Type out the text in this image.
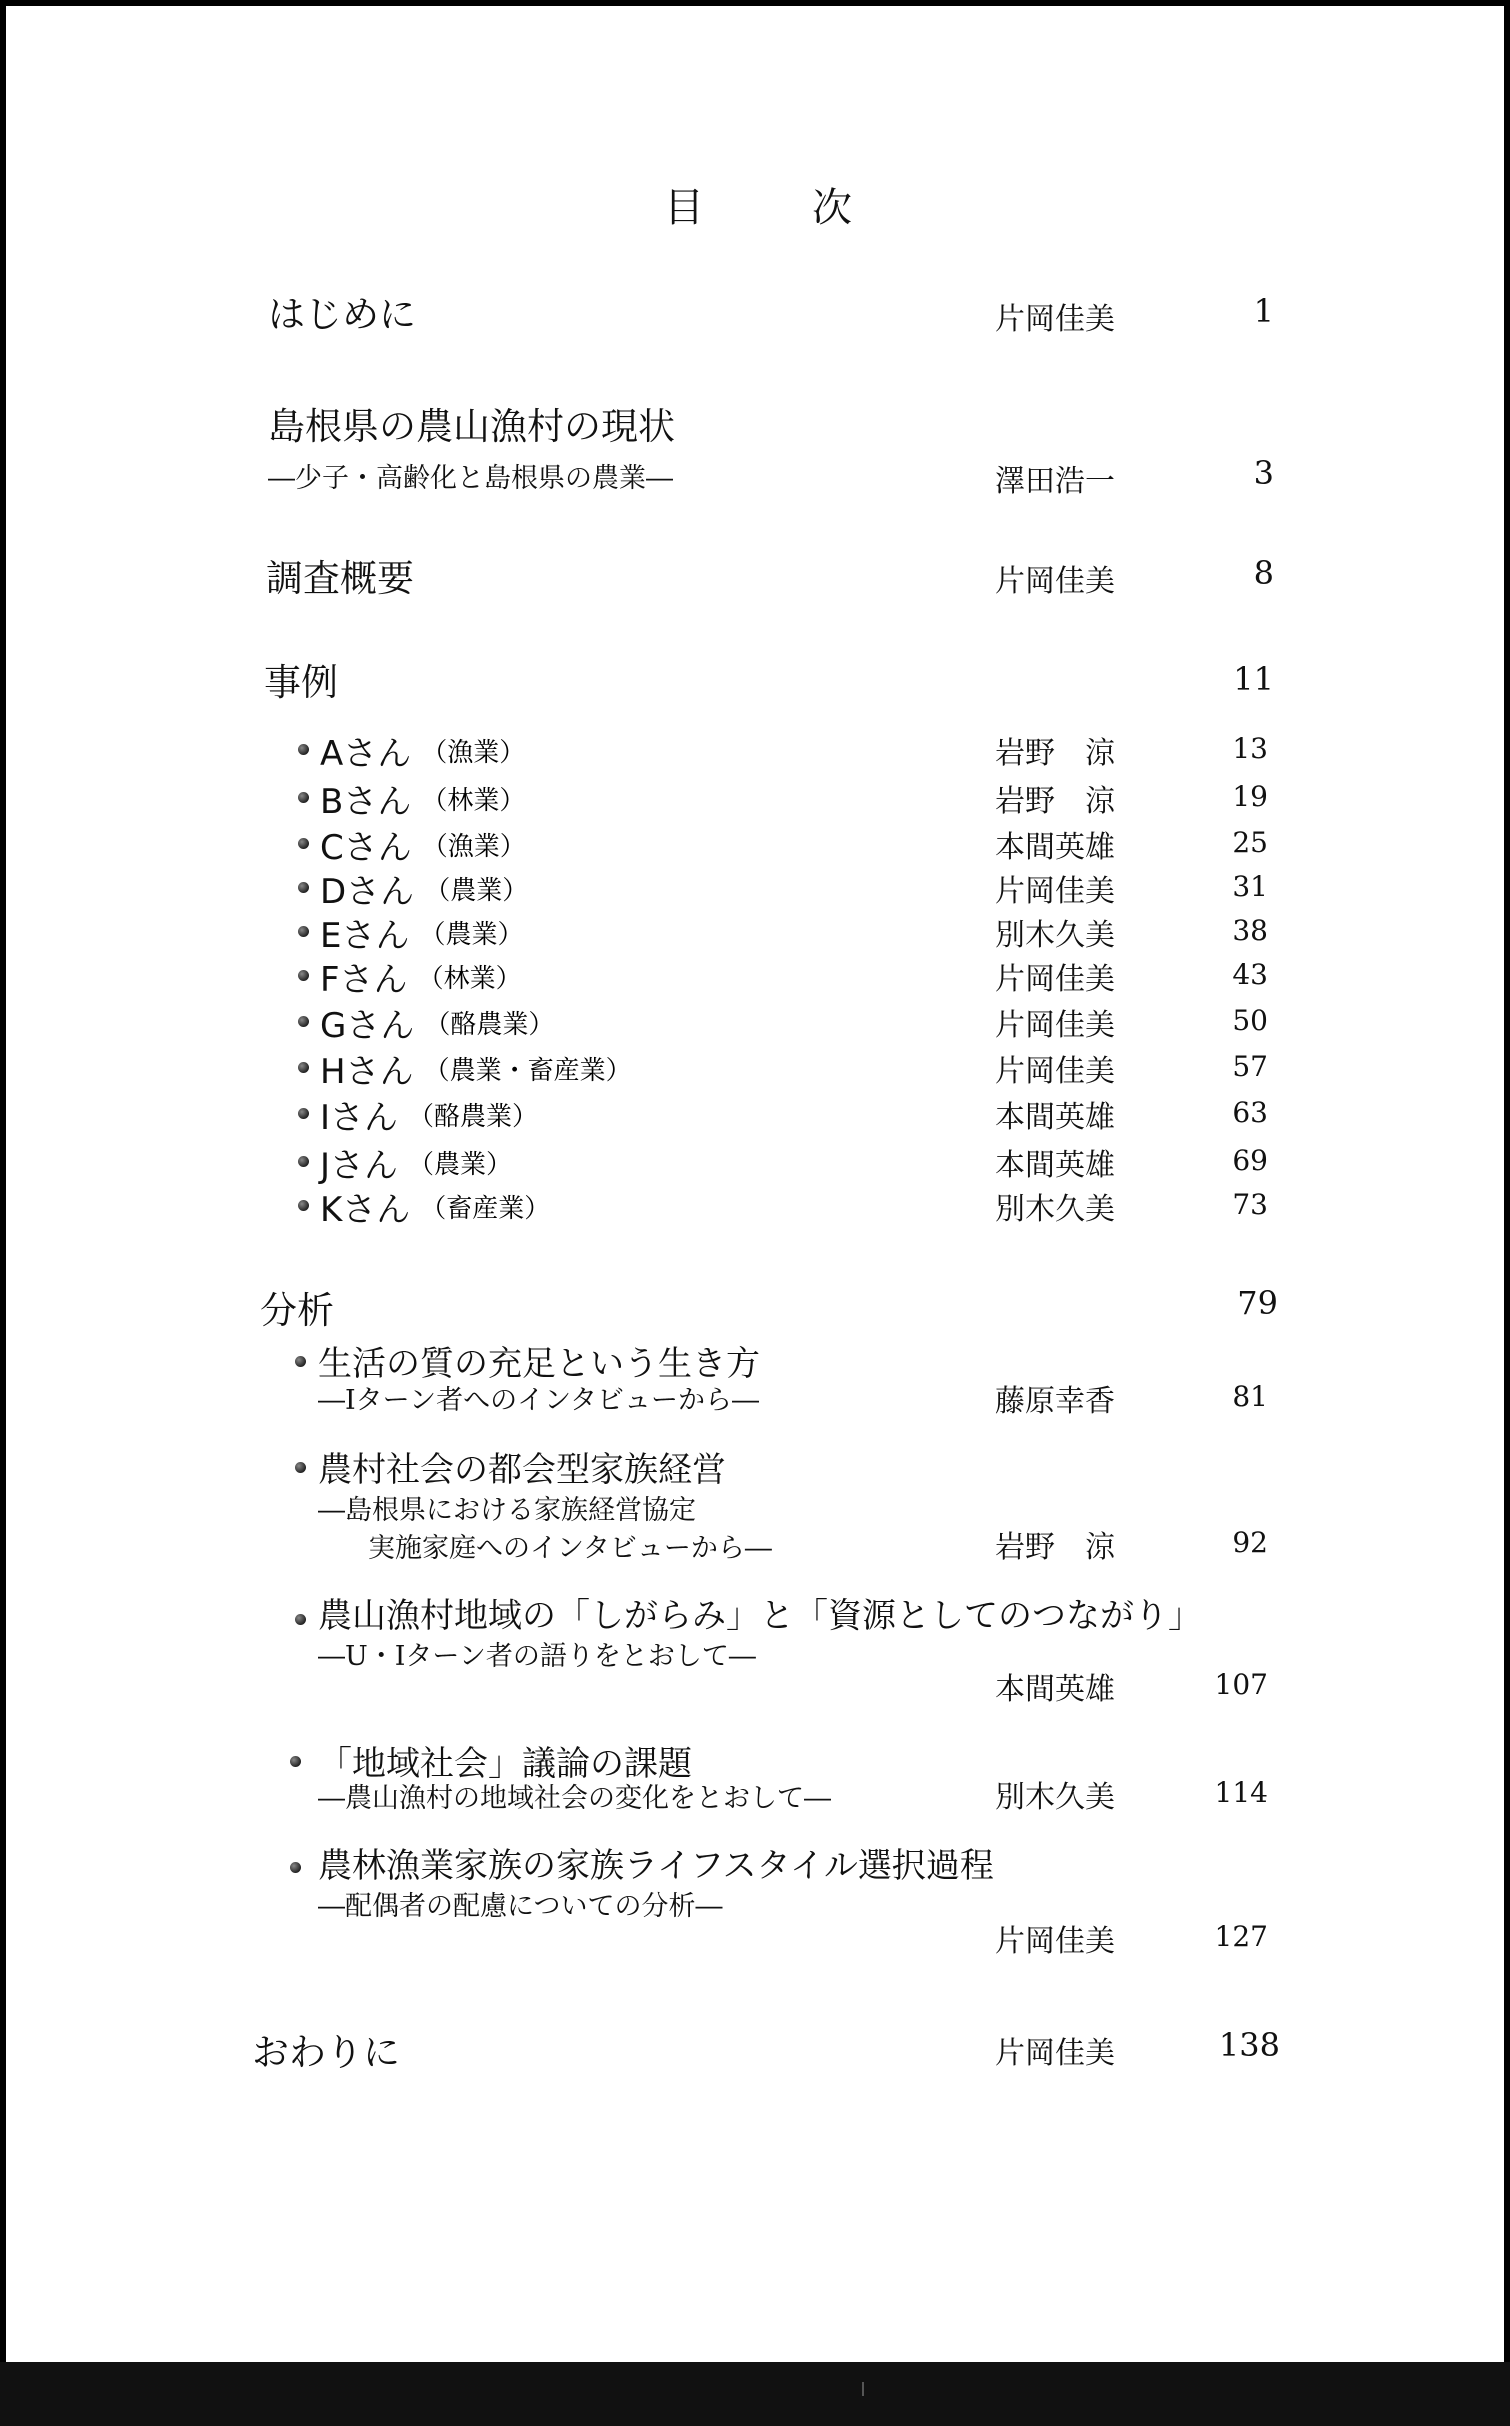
目　次
はじめに	片岡佳美	1
島根県の農山漁村の現状
―少子・高齢化と島根県の農業―	澤田浩一	3
調査概要	片岡佳美	8
事例	11
Aさん （漁業）	岩野　涼	13
Bさん （林業）	岩野　涼	19
Cさん （漁業）	本間英雄	25
Dさん （農業）	片岡佳美	31
Eさん （農業）	別木久美	38
Fさん （林業）	片岡佳美	43
Gさん （酪農業）	片岡佳美	50
Hさん （農業・畜産業）	片岡佳美	57
Iさん （酪農業）	本間英雄	63
Jさん （農業）	本間英雄	69
Kさん （畜産業）	別木久美	73
分析	79
生活の質の充足という生き方
―Iターン者へのインタビューから―	藤原幸香	81
農村社会の都会型家族経営
―島根県における家族経営協定
実施家庭へのインタビューから―	岩野　涼	92
農山漁村地域の「しがらみ」と「資源としてのつながり」
―U・Iターン者の語りをとおして―
本間英雄	107
「地域社会」議論の課題
―農山漁村の地域社会の変化をとおして―	別木久美	114
農林漁業家族の家族ライフスタイル選択過程
―配偶者の配慮についての分析―
片岡佳美	127
おわりに	片岡佳美	138
